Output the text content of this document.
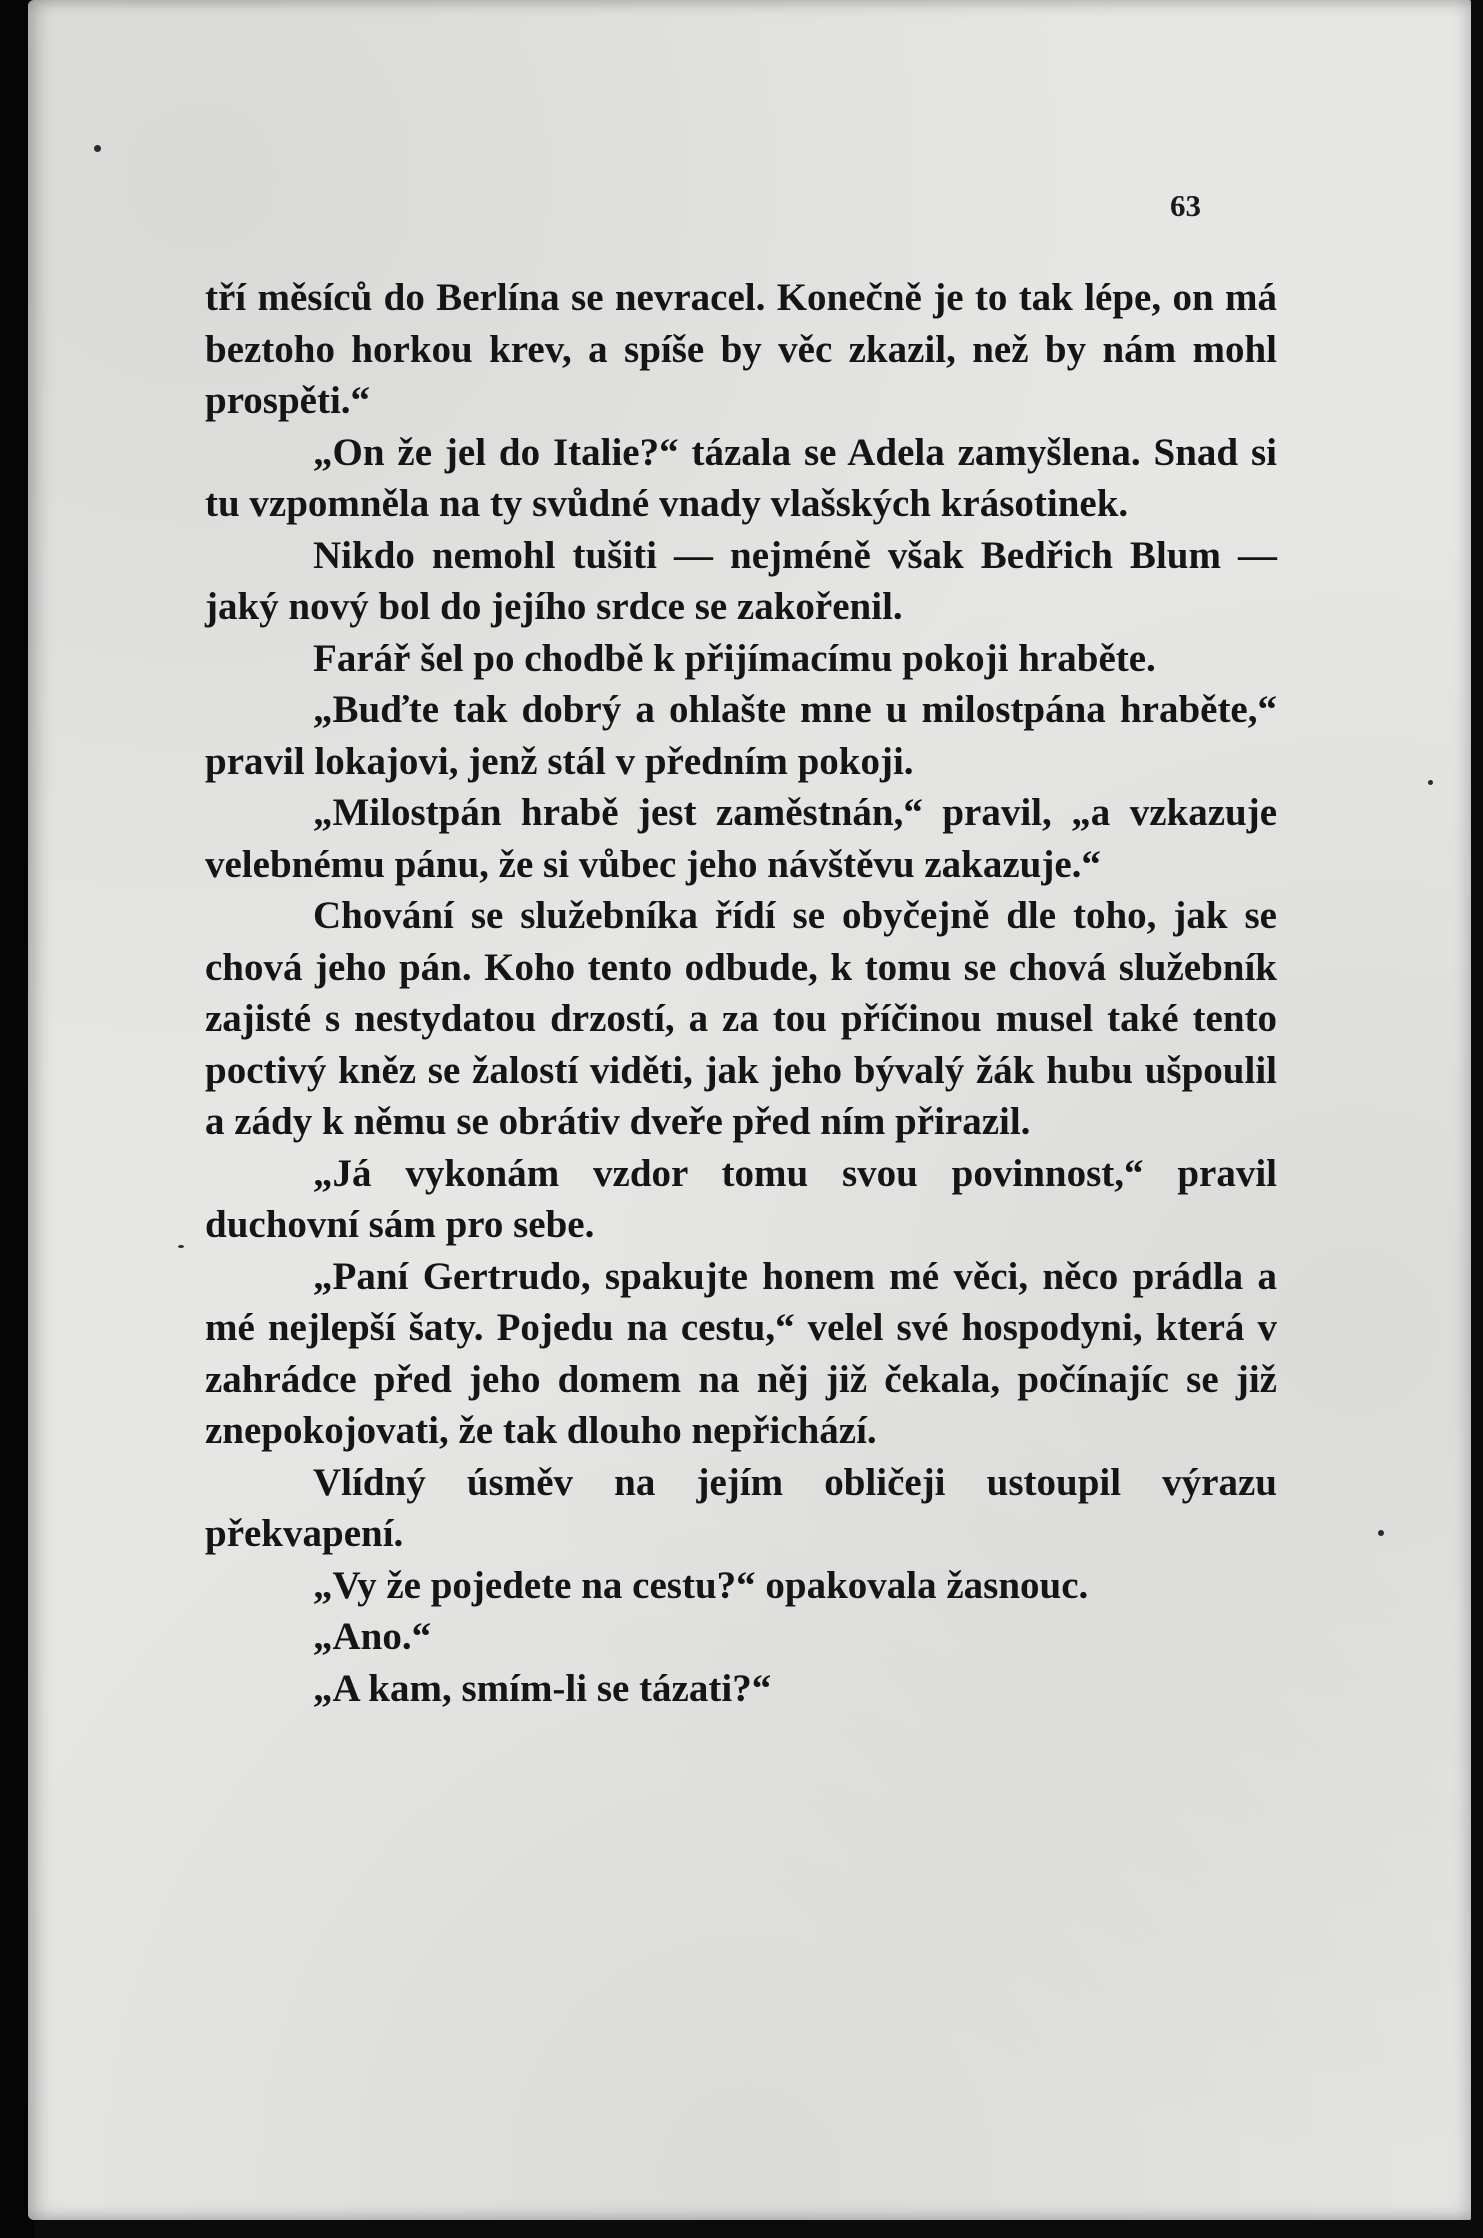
63

tří měsíců do Berlína se nevracel. Konečně je to tak lépe, on má beztoho horkou krev, a spíše by věc zkazil, než by nám mohl prospěti.“

„On že jel do Italie?“ tázala se Adela zamyšlena. Snad si tu vzpomněla na ty svůdné vnady vlašských krásotinek.

Nikdo nemohl tušiti — nejméně však Bedřich Blum — jaký nový bol do jejího srdce se zakořenil.

Farář šel po chodbě k přijímacímu pokoji hraběte.

„Buďte tak dobrý a ohlašte mne u milostpána hraběte,“ pravil lokajovi, jenž stál v předním pokoji.

„Milostpán hrabě jest zaměstnán,“ pravil, „a vzkazuje velebnému pánu, že si vůbec jeho návštěvu zakazuje.“

Chování se služebníka řídí se obyčejně dle toho, jak se chová jeho pán. Koho tento odbude, k tomu se chová služebník zajisté s nestydatou drzostí, a za tou příčinou musel také tento poctivý kněz se žalostí viděti, jak jeho bývalý žák hubu ušpoulil a zády k němu se obrátiv dveře před ním přirazil.

„Já vykonám vzdor tomu svou povinnost,“ pravil duchovní sám pro sebe.

„Paní Gertrudo, spakujte honem mé věci, něco prádla a mé nejlepší šaty. Pojedu na cestu,“ velel své hospodyni, která v zahrádce před jeho domem na něj již čekala, počínajíc se již znepokojovati, že tak dlouho nepřichází.

Vlídný úsměv na jejím obličeji ustoupil výrazu překvapení.

„Vy že pojedete na cestu?“ opakovala žasnouc.

„Ano.“

„A kam, smím-li se tázati?“
